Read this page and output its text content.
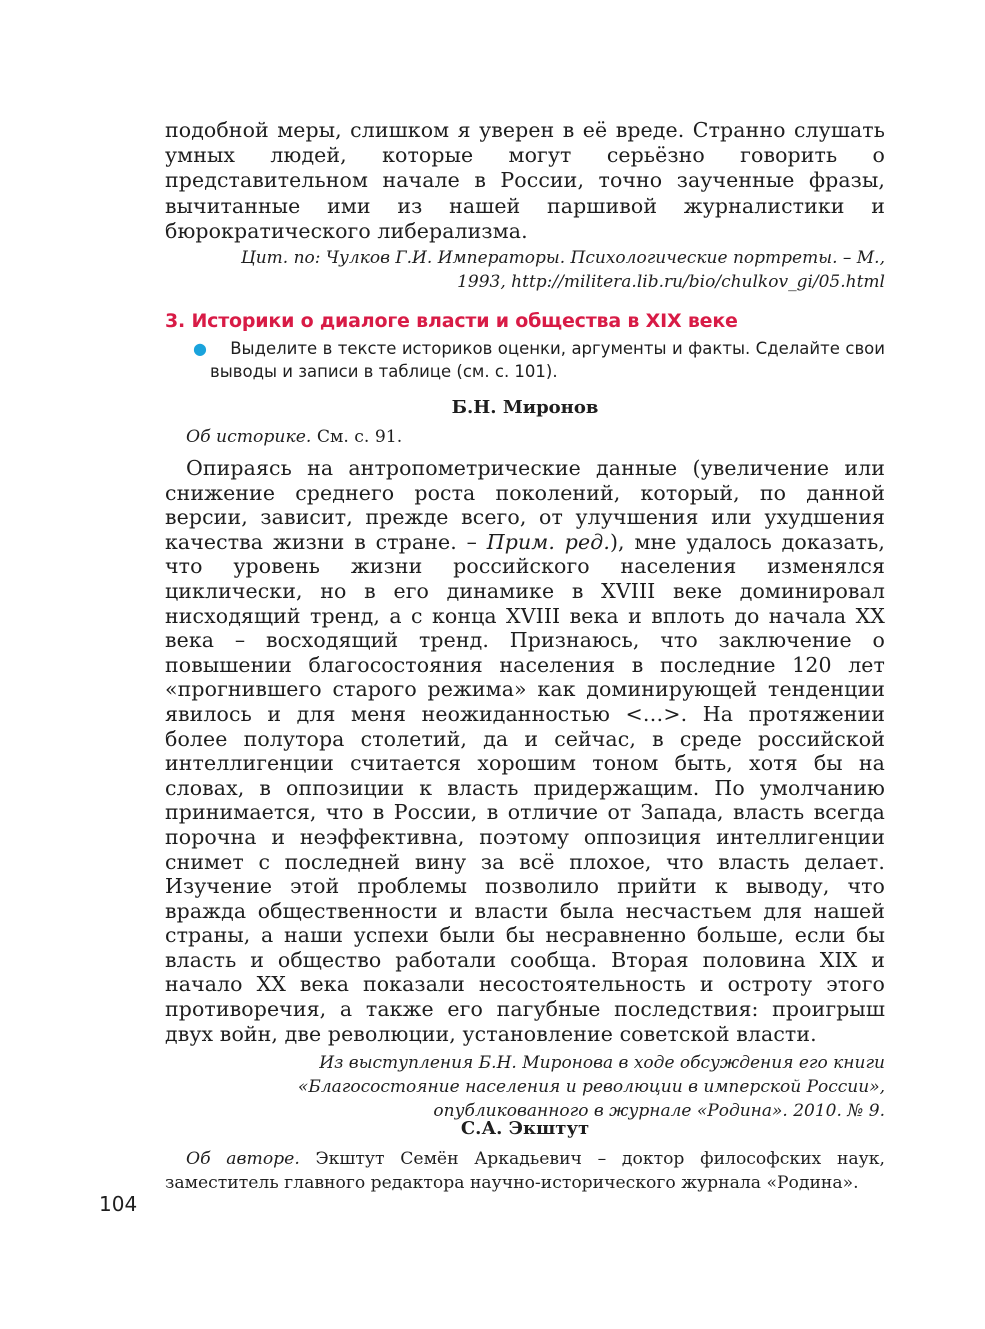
подобной меры, слишком я уверен в её вреде. Странно слушать умных людей, которые могут серьёзно говорить о представительном начале в России, точно заученные фразы, вычитанные ими из нашей паршивой журналистики и бюрократического либерализма.

Цит. по: Чулков Г.И. Императоры. Психологические портреты. – М.,

1993, http://militera.lib.ru/bio/chulkov_gi/05.html

3. Историки о диалоге власти и общества в XIX веке

● Выделите в тексте историков оценки, аргументы и факты. Сделайте свои выводы и записи в таблице (см. с. 101).

Б.Н. Миронов

Об историке. См. с. 91.

Опираясь на антропометрические данные (увеличение или снижение среднего роста поколений, который, по данной версии, зависит, прежде всего, от улучшения или ухудшения качества жизни в стране. – Прим. ред.), мне удалось доказать, что уровень жизни российского населения изменялся циклически, но в его динамике в XVIII веке доминировал нисходящий тренд, а с конца XVIII века и вплоть до начала XX века – восходящий тренд. Признаюсь, что заключение о повышении благосостояния населения в последние 120 лет «прогнившего старого режима» как доминирующей тенденции явилось и для меня неожиданностью <…>. На протяжении более полутора столетий, да и сейчас, в среде российской интеллигенции считается хорошим тоном быть, хотя бы на словах, в оппозиции к власть придержащим. По умолчанию принимается, что в России, в отличие от Запада, власть всегда порочна и неэффективна, поэтому оппозиция интеллигенции снимет с последней вину за всё плохое, что власть делает. Изучение этой проблемы позволило прийти к выводу, что вражда общественности и власти была несчастьем для нашей страны, а наши успехи были бы несравненно больше, если бы власть и общество работали сообща. Вторая половина XIX и начало XX века показали несостоятельность и остроту этого противоречия, а также его пагубные последствия: проигрыш двух войн, две революции, установление советской власти.

Из выступления Б.Н. Миронова в ходе обсуждения его книги

«Благосостояние населения и революции в имперской России»,

опубликованного в журнале «Родина». 2010. № 9.

С.А. Экштут

Об авторе. Экштут Семён Аркадьевич – доктор философских наук, заместитель главного редактора научно-исторического журнала «Родина».

104
